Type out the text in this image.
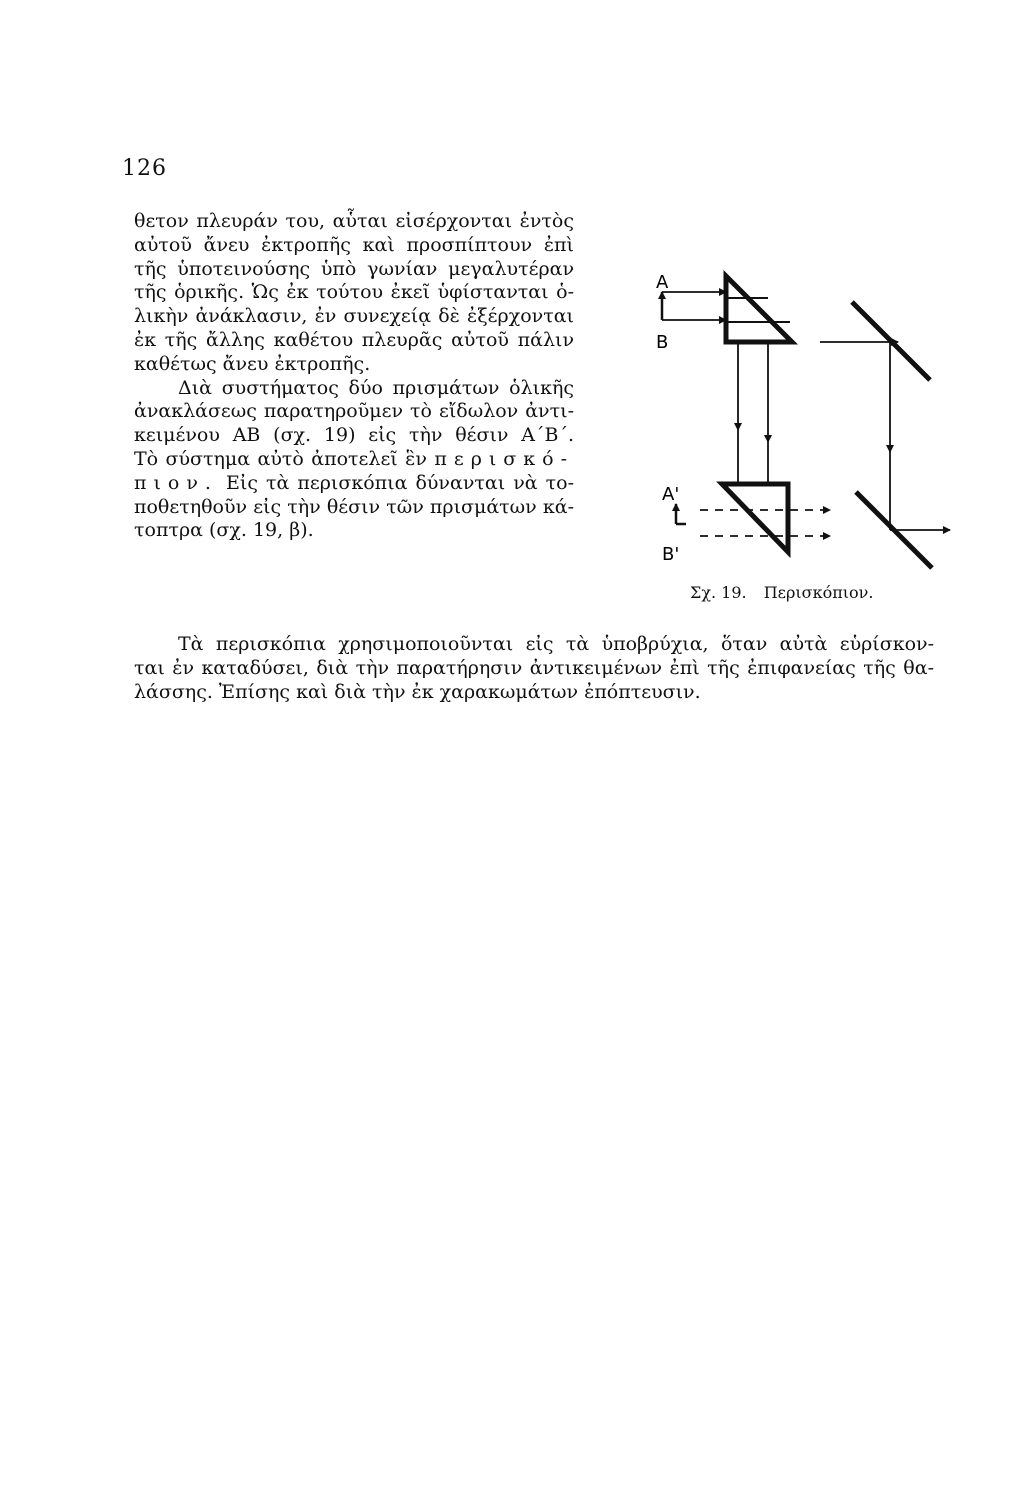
126
θετον πλευράν του, αὗται εἰσέρχονται ἐντὸς
αὐτοῦ ἄνευ ἐκτροπῆς καὶ προσπίπτουν ἐπὶ
τῆς ὑποτεινούσης ὑπὸ γωνίαν μεγαλυτέραν
τῆς ὁρικῆς. Ὡς ἐκ τούτου ἐκεῖ ὑφίστανται ὁ-
λικὴν ἀνάκλασιν, ἐν συνεχείᾳ δὲ ἐξέρχονται
ἐκ τῆς ἄλλης καθέτου πλευρᾶς αὐτοῦ πάλιν
καθέτως ἄνευ ἐκτροπῆς.
Διὰ συστήματος δύο πρισμάτων ὁλικῆς
ἀνακλάσεως παρατηροῦμεν τὸ εἴδωλον ἀντι-
κειμένου ΑΒ (σχ. 19) εἰς τὴν θέσιν Α΄Β΄.
Τὸ σύστημα αὐτὸ ἀποτελεῖ ἓν περισκό-
πιον. Εἰς τὰ περισκόπια δύνανται νὰ το-
ποθετηθοῦν εἰς τὴν θέσιν τῶν πρισμάτων κά-
τοπτρα (σχ. 19, β).
Τὰ περισκόπια χρησιμοποιοῦνται εἰς τὰ ὑποβρύχια, ὅταν αὐτὰ εὑρίσκον-
ται ἐν καταδύσει, διὰ τὴν παρατήρησιν ἀντικειμένων ἐπὶ τῆς ἐπιφανείας τῆς θα-
λάσσης. Ἐπίσης καὶ διὰ τὴν ἐκ χαρακωμάτων ἐπόπτευσιν.
A
B
A'
B'
Σχ. 19. Περισκόπιον.
